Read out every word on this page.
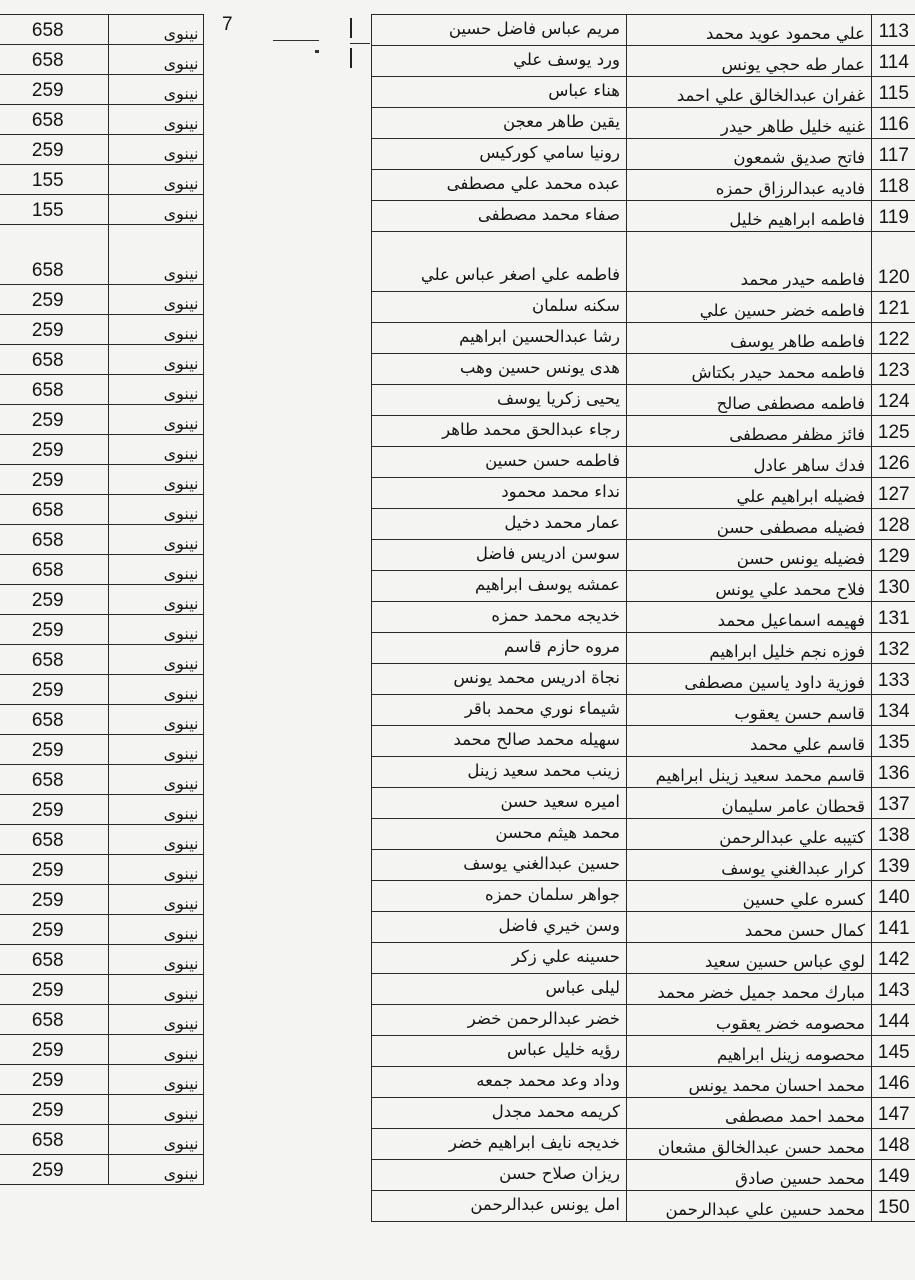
7
658	نينوى
658	نينوى
259	نينوى
658	نينوى
259	نينوى
155	نينوى
155	نينوى
658	نينوى
259	نينوى
259	نينوى
658	نينوى
658	نينوى
259	نينوى
259	نينوى
259	نينوى
658	نينوى
658	نينوى
658	نينوى
259	نينوى
259	نينوى
658	نينوى
259	نينوى
658	نينوى
259	نينوى
658	نينوى
259	نينوى
658	نينوى
259	نينوى
259	نينوى
259	نينوى
658	نينوى
259	نينوى
658	نينوى
259	نينوى
259	نينوى
259	نينوى
658	نينوى
259	نينوى
113	علي محمود عويد محمد	مريم عباس فاضل حسين
114	عمار طه حجي يونس	ورد يوسف علي
115	غفران عبدالخالق علي احمد	هناء عباس
116	غنيه خليل طاهر حيدر	يقين طاهر معجن
117	فاتح صديق شمعون	رونيا سامي كوركيس
118	فاديه عبدالرزاق حمزه	عبده محمد علي مصطفى
119	فاطمه ابراهيم خليل	صفاء محمد مصطفى
120	فاطمه حيدر محمد	فاطمه علي اصغر عباس علي
121	فاطمه خضر حسين علي	سكنه سلمان
122	فاطمه طاهر يوسف	رشا عبدالحسين ابراهيم
123	فاطمه محمد حيدر بكتاش	هدى يونس حسين وهب
124	فاطمه مصطفى صالح	يحيى زكريا يوسف
125	فائز مظفر مصطفى	رجاء عبدالحق محمد طاهر
126	فدك ساهر عادل	فاطمه حسن حسين
127	فضيله ابراهيم علي	نداء محمد محمود
128	فضيله مصطفى حسن	عمار محمد دخيل
129	فضيله يونس حسن	سوسن ادريس فاضل
130	فلاح محمد علي يونس	عمشه يوسف ابراهيم
131	فهيمه اسماعيل محمد	خديجه محمد حمزه
132	فوزه نجم خليل ابراهيم	مروه حازم قاسم
133	فوزية داود ياسين مصطفى	نجاة ادريس محمد يونس
134	قاسم حسن يعقوب	شيماء نوري محمد باقر
135	قاسم علي محمد	سهيله محمد صالح محمد
136	قاسم محمد سعيد زينل ابراهيم	زينب محمد سعيد زينل
137	قحطان عامر سليمان	اميره سعيد حسن
138	كتيبه علي عبدالرحمن	محمد هيثم محسن
139	كرار عبدالغني يوسف	حسين عبدالغني يوسف
140	كسره علي حسين	جواهر سلمان حمزه
141	كمال حسن محمد	وسن خيري فاضل
142	لوي عباس حسين سعيد	حسينه علي زكر
143	مبارك محمد جميل خضر محمد	ليلى عباس
144	محصومه خضر يعقوب	خضر عبدالرحمن خضر
145	محصومه زينل ابراهيم	رؤيه خليل عباس
146	محمد احسان محمد يونس	وداد وعد محمد جمعه
147	محمد احمد مصطفى	كريمه محمد مجدل
148	محمد حسن عبدالخالق مشعان	خديجه نايف ابراهيم خضر
149	محمد حسين صادق	ريزان صلاح حسن
150	محمد حسين علي عبدالرحمن	امل يونس عبدالرحمن
